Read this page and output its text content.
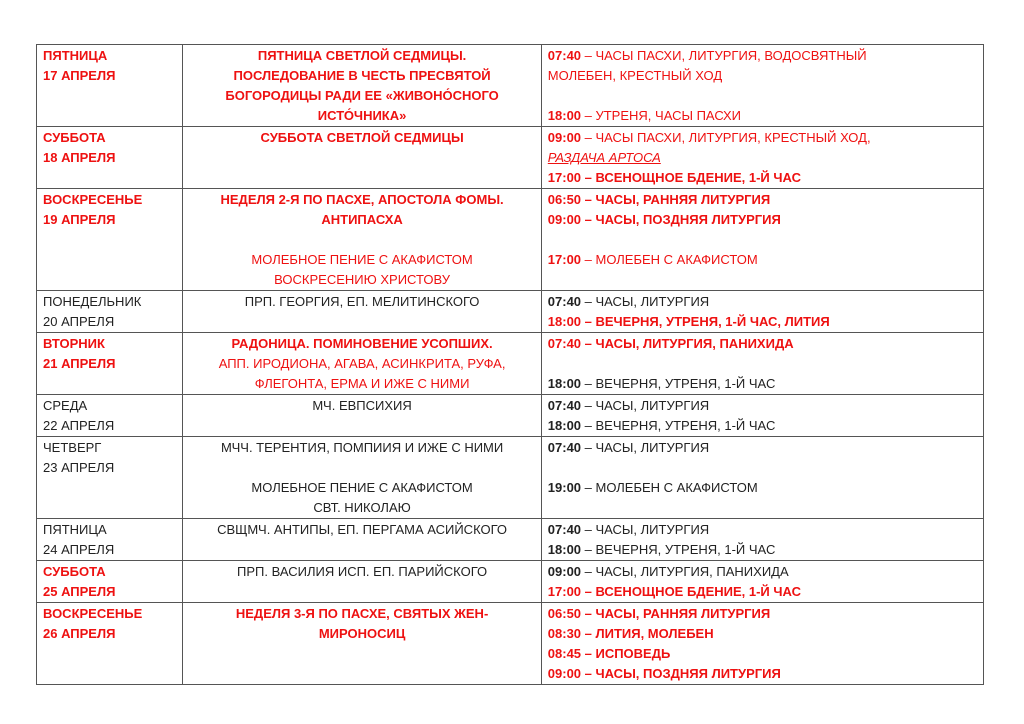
ПЯТНИЦА
17 АПРЕЛЯ	ПЯТНИЦА СВЕТЛОЙ СЕДМИЦЫ.
ПОСЛЕДОВАНИЕ В ЧЕСТЬ ПРЕСВЯТОЙ
БОГОРОДИЦЫ РАДИ ЕЕ «ЖИВОНО́СНОГО
ИСТО́ЧНИКА»	07:40 – ЧАСЫ ПАСХИ, ЛИТУРГИЯ, ВОДОСВЯТНЫЙ
МОЛЕБЕН, КРЕСТНЫЙ ХОД
18:00 – УТРЕНЯ, ЧАСЫ ПАСХИ

СУББОТА
18 АПРЕЛЯ	СУББОТА СВЕТЛОЙ СЕДМИЦЫ	09:00 – ЧАСЫ ПАСХИ, ЛИТУРГИЯ, КРЕСТНЫЙ ХОД,
РАЗДАЧА АРТОСА
17:00 – ВСЕНОЩНОЕ БДЕНИЕ, 1-Й ЧАС

ВОСКРЕСЕНЬЕ
19 АПРЕЛЯ	НЕДЕЛЯ 2-Я ПО ПАСХЕ, АПОСТОЛА ФОМЫ.
АНТИПАСХА
МОЛЕБНОЕ ПЕНИЕ С АКАФИСТОМ
ВОСКРЕСЕНИЮ ХРИСТОВУ	06:50 – ЧАСЫ, РАННЯЯ ЛИТУРГИЯ
09:00 – ЧАСЫ, ПОЗДНЯЯ ЛИТУРГИЯ
17:00 – МОЛЕБЕН С АКАФИСТОМ

ПОНЕДЕЛЬНИК
20 АПРЕЛЯ	ПРП. ГЕОРГИЯ, ЕП. МЕЛИТИНСКОГО	07:40 – ЧАСЫ, ЛИТУРГИЯ
18:00 – ВЕЧЕРНЯ, УТРЕНЯ, 1-Й ЧАС, ЛИТИЯ

ВТОРНИК
21 АПРЕЛЯ	РАДОНИЦА. ПОМИНОВЕНИЕ УСОПШИХ.
АПП. ИРОДИОНА, АГАВА, АСИНКРИТА, РУФА,
ФЛЕГОНТА, ЕРМА И ИЖЕ С НИМИ	07:40 – ЧАСЫ, ЛИТУРГИЯ, ПАНИХИДА
18:00 – ВЕЧЕРНЯ, УТРЕНЯ, 1-Й ЧАС

СРЕДА
22 АПРЕЛЯ	МЧ. ЕВПСИХИЯ	07:40 – ЧАСЫ, ЛИТУРГИЯ
18:00 – ВЕЧЕРНЯ, УТРЕНЯ, 1-Й ЧАС

ЧЕТВЕРГ
23 АПРЕЛЯ	МЧЧ. ТЕРЕНТИЯ, ПОМПИИЯ И ИЖЕ С НИМИ
МОЛЕБНОЕ ПЕНИЕ С АКАФИСТОМ
СВТ. НИКОЛАЮ	07:40 – ЧАСЫ, ЛИТУРГИЯ
19:00 – МОЛЕБЕН С АКАФИСТОМ

ПЯТНИЦА
24 АПРЕЛЯ	СВЩМЧ. АНТИПЫ, ЕП. ПЕРГАМА АСИЙСКОГО	07:40 – ЧАСЫ, ЛИТУРГИЯ
18:00 – ВЕЧЕРНЯ, УТРЕНЯ, 1-Й ЧАС

СУББОТА
25 АПРЕЛЯ	ПРП. ВАСИЛИЯ ИСП. ЕП. ПАРИЙСКОГО	09:00 – ЧАСЫ, ЛИТУРГИЯ, ПАНИХИДА
17:00 – ВСЕНОЩНОЕ БДЕНИЕ, 1-Й ЧАС

ВОСКРЕСЕНЬЕ
26 АПРЕЛЯ	НЕДЕЛЯ 3-Я ПО ПАСХЕ, СВЯТЫХ ЖЕН-
МИРОНОСИЦ	06:50 – ЧАСЫ, РАННЯЯ ЛИТУРГИЯ
08:30 – ЛИТИЯ, МОЛЕБЕН
08:45 – ИСПОВЕДЬ
09:00 – ЧАСЫ, ПОЗДНЯЯ ЛИТУРГИЯ
